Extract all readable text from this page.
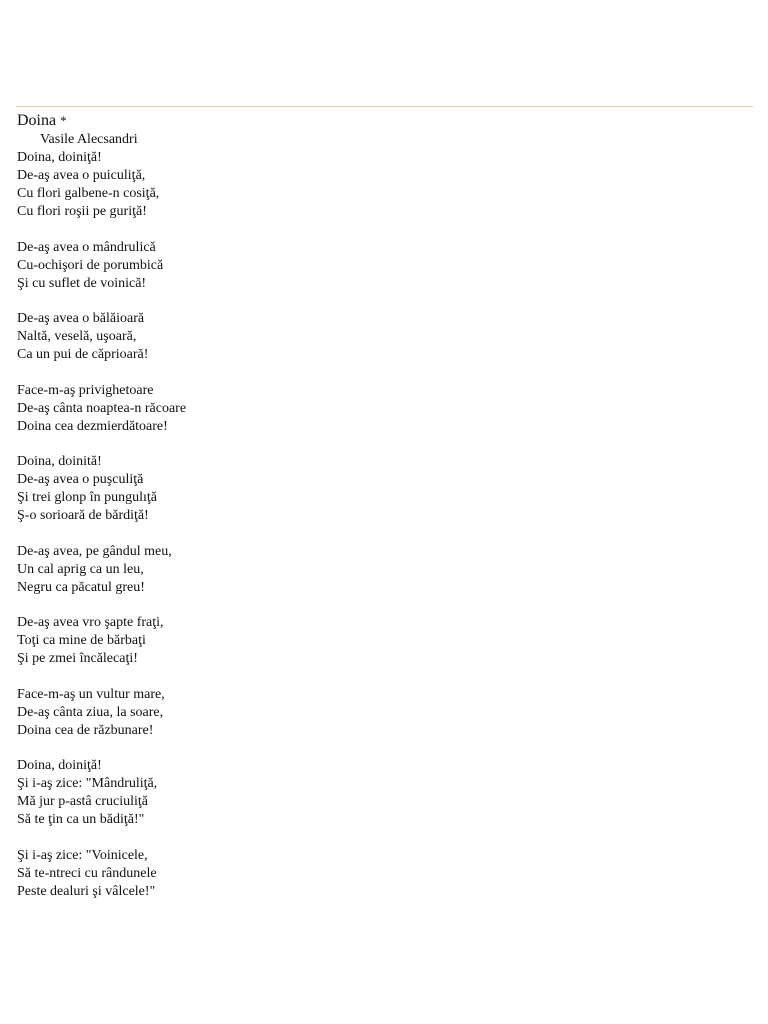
Doina *
Vasile Alecsandri
Doina, doiniţă!
De-aş avea o puiculiţă,
Cu flori galbene-n cosiţă,
Cu flori roşii pe guriţă!
De-aş avea o mândrulică
Cu-ochişori de porumbică
Şi cu suflet de voinică!
De-aş avea o bălăioară
Naltă, veselă, uşoară,
Ca un pui de căprioară!
Face-m-aş privighetoare
De-aş cânta noaptea-n răcoare
Doina cea dezmierdătoare!
Doina, doinită!
De-aş avea o puşculiţă
Şi trei glonp în pungulıţă
Ş-o sorioară de bărdiţă!
De-aş avea, pe gândul meu,
Un cal aprig ca un leu,
Negru ca păcatul greu!
De-aş avea vro şapte fraţi,
Toţi ca mine de bărbaţi
Şi pe zmei încălecaţi!
Face-m-aş un vultur mare,
De-aş cânta ziua, la soare,
Doina cea de răzbunare!
Doina, doiniţă!
Şi i-aş zice: "Mândruliţă,
Mă jur p-astâ cruciuliţă
Să te ţin ca un bădiţă!"
Şi i-aş zice: "Voinicele,
Să te-ntreci cu rândunele
Peste dealuri şi vâlcele!"
